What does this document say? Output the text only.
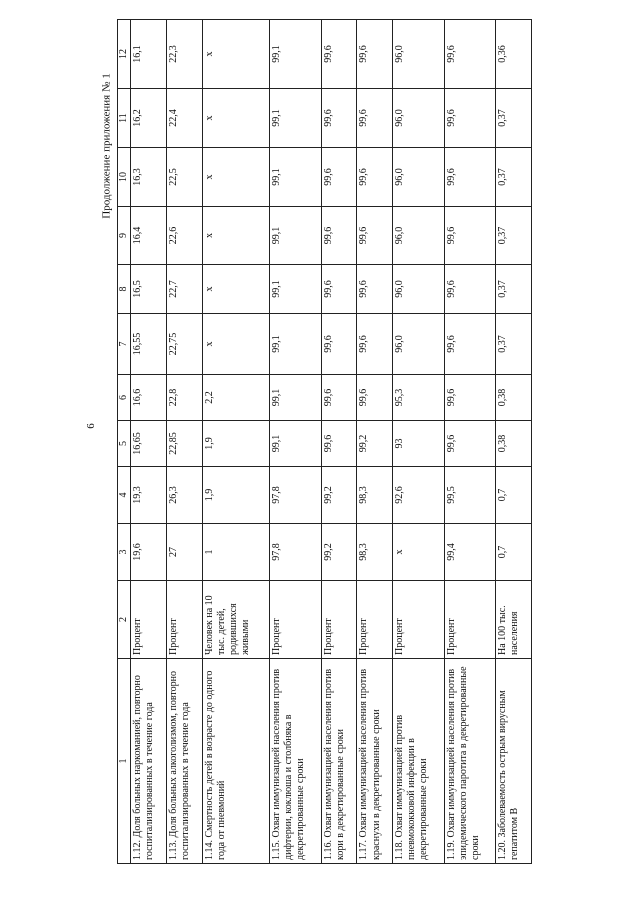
6
Продолжение приложения № 1
1	2	3	4	5	6	7	8	9	10	11	12
1.12. Доля больных наркоманией, повторно госпитализированных в течение года	Процент	19,6	19,3	16,65	16,6	16,55	16,5	16,4	16,3	16,2	16,1
1.13. Доля больных алкоголизмом, повторно госпитализированных в течение года	Процент	27	26,3	22,85	22,8	22,75	22,7	22,6	22,5	22,4	22,3
1.14. Смертность детей в возрасте до одного года от пневмоний	Человек на 10 тыс. детей, родившихся живыми	1	1,9	1,9	2,2	x	x	x	x	x	x
1.15. Охват иммунизацией населения против дифтерии, коклюша и столбняка в декретированные сроки	Процент	97,8	97,8	99,1	99,1	99,1	99,1	99,1	99,1	99,1	99,1
1.16. Охват иммунизацией населения против кори в декретированные сроки	Процент	99,2	99,2	99,6	99,6	99,6	99,6	99,6	99,6	99,6	99,6
1.17. Охват иммунизацией населения против краснухи в декретированные сроки	Процент	98,3	98,3	99,2	99,6	99,6	99,6	99,6	99,6	99,6	99,6
1.18. Охват иммунизацией против пневмококковой инфекции в декретированные сроки	Процент	x	92,6	93	95,3	96,0	96,0	96,0	96,0	96,0	96,0
1.19. Охват иммунизацией населения против эпидемического паротита в декретированные сроки	Процент	99,4	99,5	99,6	99,6	99,6	99,6	99,6	99,6	99,6	99,6
1.20. Заболеваемость острым вирусным гепатитом В	На 100 тыс. населения	0,7	0,7	0,38	0,38	0,37	0,37	0,37	0,37	0,37	0,36
